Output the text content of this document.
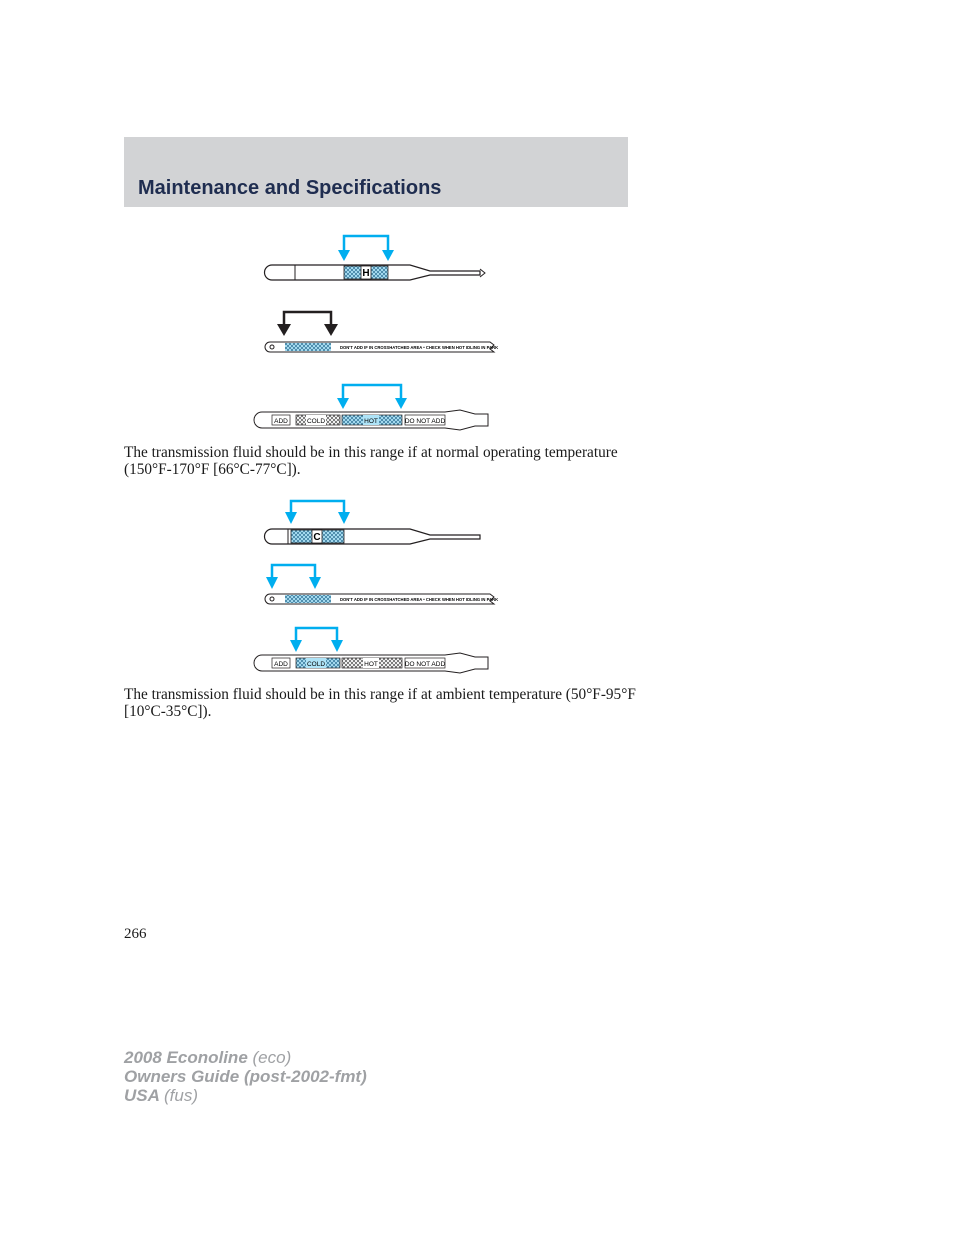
Maintenance and Specifications
H
DON'T ADD IF IN CROSSHATCHED AREA • CHECK WHEN HOT IDLING IN PARK
ADD	COLD	HOT	DO NOT ADD

The transmission fluid should be in this range if at normal operating temperature (150°F-170°F [66°C-77°C]).

C
DON'T ADD IF IN CROSSHATCHED AREA • CHECK WHEN HOT IDLING IN PARK
ADD	COLD	HOT	DO NOT ADD

The transmission fluid should be in this range if at ambient temperature (50°F-95°F [10°C-35°C]).

266
2008 Econoline (eco)
Owners Guide (post-2002-fmt)
USA (fus)
